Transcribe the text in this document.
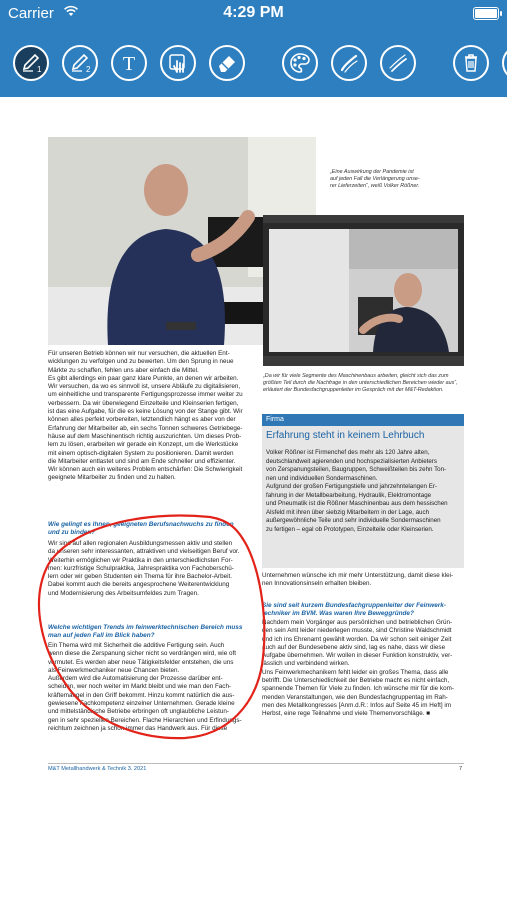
Carrier	4:29 PM
1	2 T
„Eine Auswirkung der Pandemie ist
auf jeden Fall die Verlängerung unse-
rer Lieferzeiten“, weiß Volker Rößner.
„Da wir für viele Segmente des Maschinenbaus arbeiten, gleicht sich das zum
größten Teil durch die Nachfrage in den unterschiedlichen Bereichen wieder aus“,
erläutert der Bundesfachgruppenleiter im Gespräch mit der M&T-Redaktion.
Für unseren Betrieb können wir nur versuchen, die aktuellen Ent-
wicklungen zu verfolgen und zu bewerten. Um den Sprung in neue
Märkte zu schaffen, fehlen uns aber einfach die Mittel.
Es gibt allerdings ein paar ganz klare Punkte, an denen wir arbeiten.
Wir versuchen, da wo es sinnvoll ist, unsere Abläufe zu digitalisieren,
um einheitliche und transparente Fertigungsprozesse immer weiter zu
verbessern. Da wir überwiegend Einzelteile und Kleinserien fertigen,
ist das eine Aufgabe, für die es keine Lösung von der Stange gibt. Wir
können alles perfekt vorbereiten, letztendlich hängt es aber von der
Erfahrung der Mitarbeiter ab, ein sechs Tonnen schweres Getriebege-
häuse auf dem Maschinentisch richtig auszurichten. Um dieses Prob-
lem zu lösen, erarbeiten wir gerade ein Konzept, um die Werkstücke
mit einem optisch-digitalen System zu positionieren. Damit werden
die Mitarbeiter entlastet und sind am Ende schneller und effizienter.
Wir können auch ein weiteres Problem entschärfen: Die Schwierigkeit
geeignete Mitarbeiter zu finden und zu halten.
Wie gelingt es Ihnen, geeigneten Berufsnachwuchs zu finden
und zu binden?
Wir sind auf allen regionalen Ausbildungsmessen aktiv und stellen
da unseren sehr interessanten, attraktiven und vielseitigen Beruf vor.
Weiterhin ermöglichen wir Praktika in den unterschiedlichsten For-
men: kurzfristige Schulpraktika, Jahrespraktika von Fachoberschü-
lern oder wir geben Studenten ein Thema für ihre Bachelor-Arbeit.
Dabei kommt auch die bereits angesprochene Weiterentwicklung
und Modernisierung des Arbeitsumfeldes zum Tragen.
Welche wichtigen Trends im feinwerktechnischen Bereich muss
man auf jeden Fall im Blick haben?
Ein Thema wird mit Sicherheit die additive Fertigung sein. Auch
wenn diese die Zerspanung sicher nicht so verdrängen wird, wie oft
vermutet. Es werden aber neue Tätigkeitsfelder entstehen, die uns
als Feinwerkmechaniker neue Chancen bieten.
Außerdem wird die Automatisierung der Prozesse darüber ent-
scheiden, wer noch weiter im Markt bleibt und wie man den Fach-
kräftemangel in den Griff bekommt. Hinzu kommt natürlich die aus-
gewiesene Fachkompetenz einzelner Unternehmen. Gerade kleine
und mittelständische Betriebe erbringen oft unglaubliche Leistun-
gen in sehr speziellen Bereichen. Flache Hierarchien und Erfindungs-
reichtum zeichnen ja schon immer das Handwerk aus. Für diese
Firma
Erfahrung steht in keinem Lehrbuch
Volker Rößner ist Firmenchef des mehr als 120 Jahre alten,
deutschlandweit agierenden und hochspezialisierten Anbieters
von Zerspanungsteilen, Baugruppen, Schweißteilen bis zehn Ton-
nen und individuellen Sondermaschinen.
Aufgrund der großen Fertigungstiefe und jahrzehntelangen Er-
fahrung in der Metallbearbeitung, Hydraulik, Elektromontage
und Pneumatik ist die Rößner Maschinenbau aus dem hessischen
Alsfeld mit ihren über siebzig Mitarbeitern in der Lage, auch
außergewöhnliche Teile und sehr individuelle Sondermaschinen
zu fertigen – egal ob Prototypen, Einzelteile oder Kleinserien.
Unternehmen wünsche ich mir mehr Unterstützung, damit diese klei-
nen Innovationsinseln erhalten bleiben.
Sie sind seit kurzem Bundesfachgruppenleiter der Feinwerk-
techniker im BVM. Was waren Ihre Beweggründe?
Nachdem mein Vorgänger aus persönlichen und betrieblichen Grün-
den sein Amt leider niederlegen musste, sind Christine Waldschmidt
und ich ins Ehrenamt gewählt worden. Da wir schon seit einiger Zeit
auch auf der Bundesebene aktiv sind, lag es nahe, dass wir diese
Aufgabe übernehmen. Wir wollen in dieser Funktion konstruktiv, ver-
lässlich und verbindend wirken.
Uns Feinwerkmechanikern fehlt leider ein großes Thema, dass alle
betrifft. Die Unterschiedlichkeit der Betriebe macht es nicht einfach,
spannende Themen für Viele zu finden. Ich wünsche mir für die kom-
menden Veranstaltungen, wie den Bundesfachgruppentag im Rah-
men des Metallkongresses [Anm.d.R.: Infos auf Seite 45 im Heft] im
Herbst, eine rege Teilnahme und viele Themenvorschläge. ■
M&T Metallhandwerk & Technik 3. 2021	7
